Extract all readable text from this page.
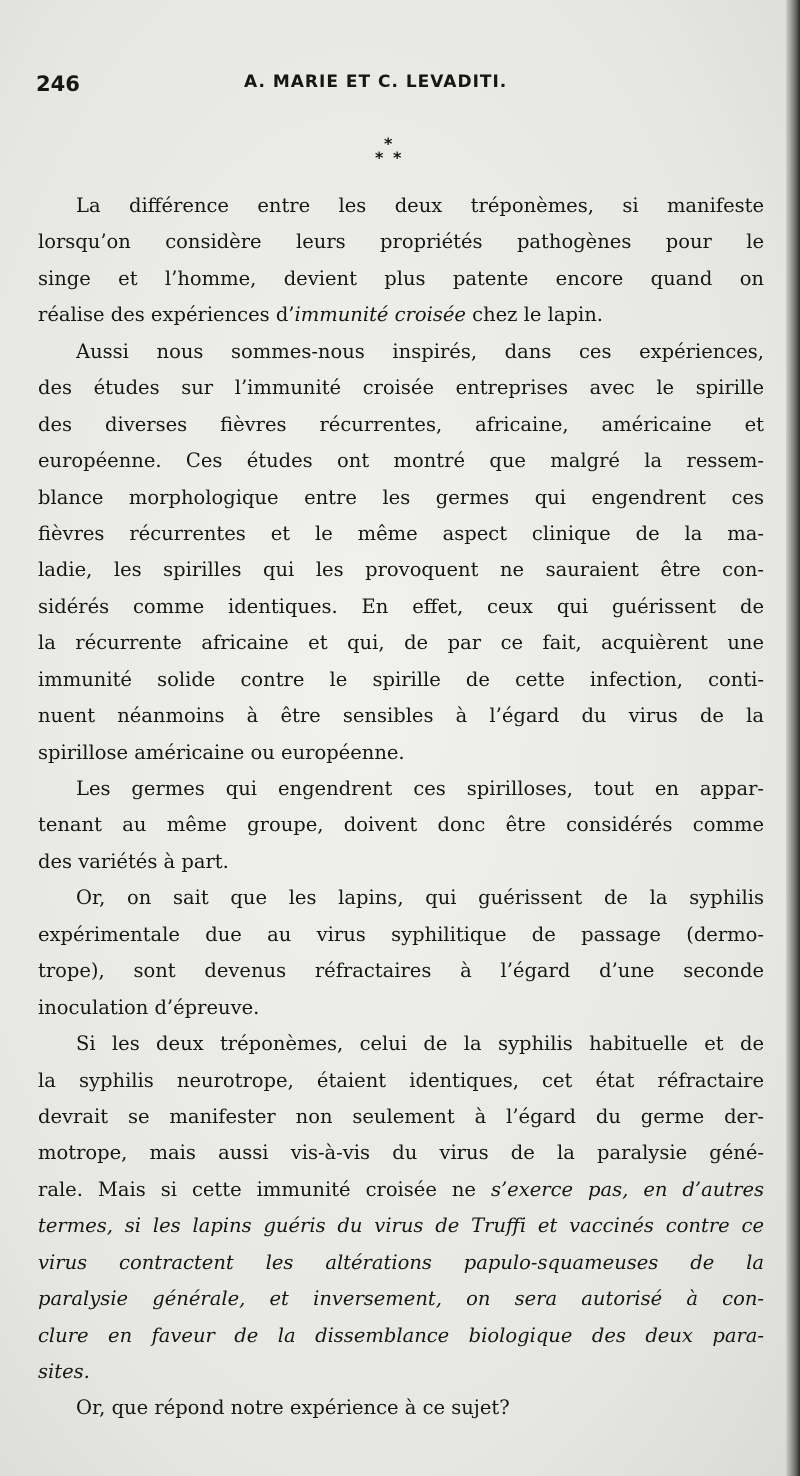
246	A. MARIE ET C. LEVADITI.
*
* *
La différence entre les deux tréponèmes, si manifeste
lorsqu’on considère leurs propriétés pathogènes pour le
singe et l’homme, devient plus patente encore quand on
réalise des expériences d’immunité croisée chez le lapin.
Aussi nous sommes-nous inspirés, dans ces expériences,
des études sur l’immunité croisée entreprises avec le spirille
des diverses fièvres récurrentes, africaine, américaine et
européenne. Ces études ont montré que malgré la ressem-
blance morphologique entre les germes qui engendrent ces
fièvres récurrentes et le même aspect clinique de la ma-
ladie, les spirilles qui les provoquent ne sauraient être con-
sidérés comme identiques. En effet, ceux qui guérissent de
la récurrente africaine et qui, de par ce fait, acquièrent une
immunité solide contre le spirille de cette infection, conti-
nuent néanmoins à être sensibles à l’égard du virus de la
spirillose américaine ou européenne.
Les germes qui engendrent ces spirilloses, tout en appar-
tenant au même groupe, doivent donc être considérés comme
des variétés à part.
Or, on sait que les lapins, qui guérissent de la syphilis
expérimentale due au virus syphilitique de passage (dermo-
trope), sont devenus réfractaires à l’égard d’une seconde
inoculation d’épreuve.
Si les deux tréponèmes, celui de la syphilis habituelle et de
la syphilis neurotrope, étaient identiques, cet état réfractaire
devrait se manifester non seulement à l’égard du germe der-
motrope, mais aussi vis-à-vis du virus de la paralysie géné-
rale. Mais si cette immunité croisée ne s’exerce pas, en d’autres
termes, si les lapins guéris du virus de Truffi et vaccinés contre ce
virus contractent les altérations papulo-squameuses de la
paralysie générale, et inversement, on sera autorisé à con-
clure en faveur de la dissemblance biologique des deux para-
sites.
Or, que répond notre expérience à ce sujet?
